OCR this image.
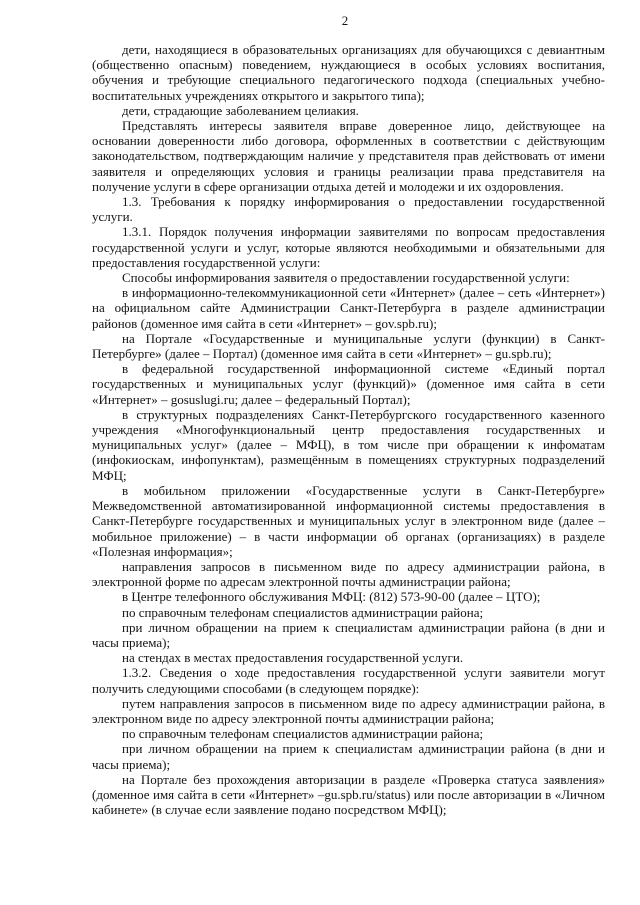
2

дети, находящиеся в образовательных организациях для обучающихся с девиантным (общественно опасным) поведением, нуждающиеся в особых условиях воспитания, обучения и требующие специального педагогического подхода (специальных учебно-воспитательных учреждениях открытого и закрытого типа);

дети, страдающие заболеванием целиакия.

Представлять интересы заявителя вправе доверенное лицо, действующее на основании доверенности либо договора, оформленных в соответствии с действующим законодательством, подтверждающим наличие у представителя прав действовать от имени заявителя и определяющих условия и границы реализации права представителя на получение услуги в сфере организации отдыха детей и молодежи и их оздоровления.

1.3. Требования к порядку информирования о предоставлении государственной услуги.

1.3.1. Порядок получения информации заявителями по вопросам предоставления государственной услуги и услуг, которые являются необходимыми и обязательными для предоставления государственной услуги:

Способы информирования заявителя о предоставлении государственной услуги:

в информационно-телекоммуникационной сети «Интернет» (далее – сеть «Интернет») на официальном сайте Администрации Санкт-Петербурга в разделе администрации районов (доменное имя сайта в сети «Интернет» – gov.spb.ru);

на Портале «Государственные и муниципальные услуги (функции) в Санкт-Петербурге» (далее – Портал) (доменное имя сайта в сети «Интернет» – gu.spb.ru);

в федеральной государственной информационной системе «Единый портал государственных и муниципальных услуг (функций)» (доменное имя сайта в сети «Интернет» – gosuslugi.ru; далее – федеральный Портал);

в структурных подразделениях Санкт-Петербургского государственного казенного учреждения «Многофункциональный центр предоставления государственных и муниципальных услуг» (далее – МФЦ), в том числе при обращении к инфоматам (инфокиоскам, инфопунктам), размещённым в помещениях структурных подразделений МФЦ;

в мобильном приложении «Государственные услуги в Санкт-Петербурге» Межведомственной автоматизированной информационной системы предоставления в Санкт-Петербурге государственных и муниципальных услуг в электронном виде (далее – мобильное приложение) – в части информации об органах (организациях) в разделе «Полезная информация»;

направления запросов в письменном виде по адресу администрации района, в электронной форме по адресам электронной почты администрации района;

в Центре телефонного обслуживания МФЦ: (812) 573-90-00 (далее – ЦТО);

по справочным телефонам специалистов администрации района;

при личном обращении на прием к специалистам администрации района (в дни и часы приема);

на стендах в местах предоставления государственной услуги.

1.3.2. Сведения о ходе предоставления государственной услуги заявители могут получить следующими способами (в следующем порядке):

путем направления запросов в письменном виде по адресу администрации района, в электронном виде по адресу электронной почты администрации района;

по справочным телефонам специалистов администрации района;

при личном обращении на прием к специалистам администрации района (в дни и часы приема);

на Портале без прохождения авторизации в разделе «Проверка статуса заявления» (доменное имя сайта в сети «Интернет» –gu.spb.ru/status) или после авторизации в «Личном кабинете» (в случае если заявление подано посредством МФЦ);
